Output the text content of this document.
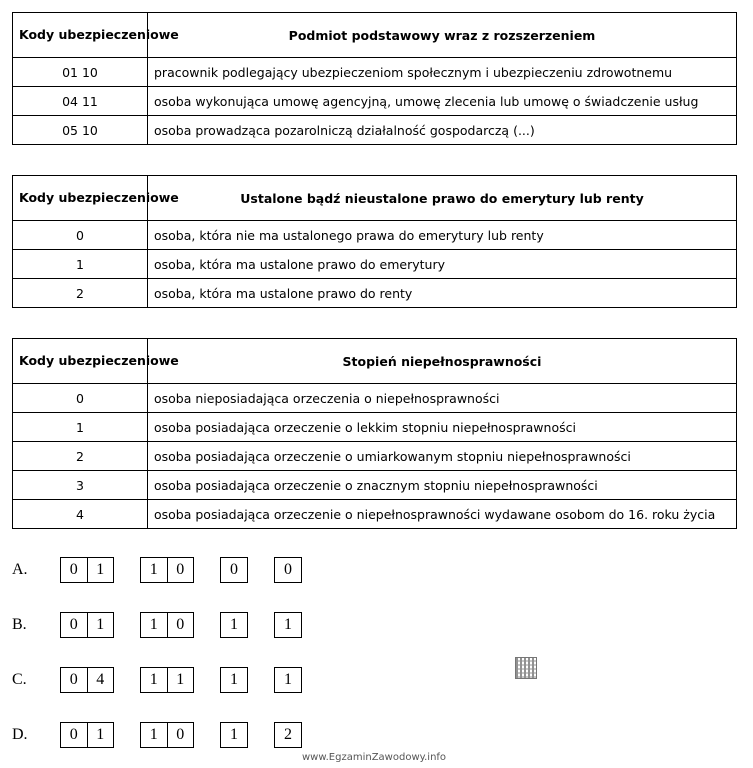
Kody ubezpieczeniowe	Podmiot podstawowy wraz z rozszerzeniem
01 10	pracownik podlegający ubezpieczeniom społecznym i ubezpieczeniu zdrowotnemu
04 11	osoba wykonująca umowę agencyjną, umowę zlecenia lub umowę o świadczenie usług
05 10	osoba prowadząca pozarolniczą działalność gospodarczą (...)
Kody ubezpieczeniowe	Ustalone bądź nieustalone prawo do emerytury lub renty
0	osoba, która nie ma ustalonego prawa do emerytury lub renty
1	osoba, która ma ustalone prawo do emerytury
2	osoba, która ma ustalone prawo do renty
Kody ubezpieczeniowe	Stopień niepełnosprawności
0	osoba nieposiadająca orzeczenia o niepełnosprawności
1	osoba posiadająca orzeczenie o lekkim stopniu niepełnosprawności
2	osoba posiadająca orzeczenie o umiarkowanym stopniu niepełnosprawności
3	osoba posiadająca orzeczenie o znacznym stopniu niepełnosprawności
4	osoba posiadająca orzeczenie o niepełnosprawności wydawane osobom do 16. roku życia
A.	0	1	1	0	0	0
B.	0	1	1	0	1	1
C.	0	4	1	1	1	1
D.	0	1	1	0	1	2
www.EgzaminZawodowy.info
